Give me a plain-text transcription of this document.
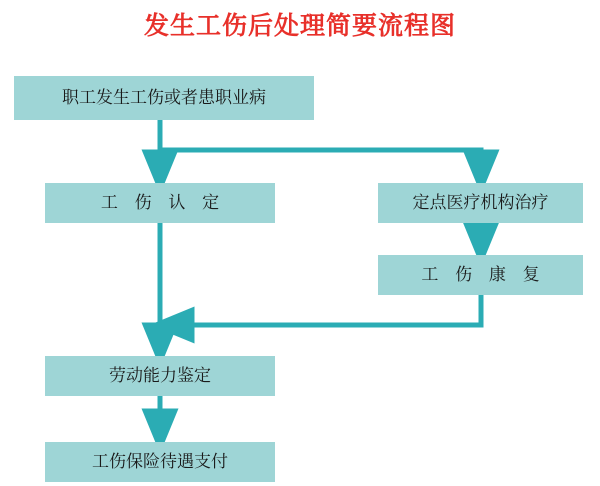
发生工伤后处理简要流程图
职工发生工伤或者患职业病
工 伤 认 定	定点医疗机构治疗
工 伤 康 复
劳动能力鉴定
工伤保险待遇支付
